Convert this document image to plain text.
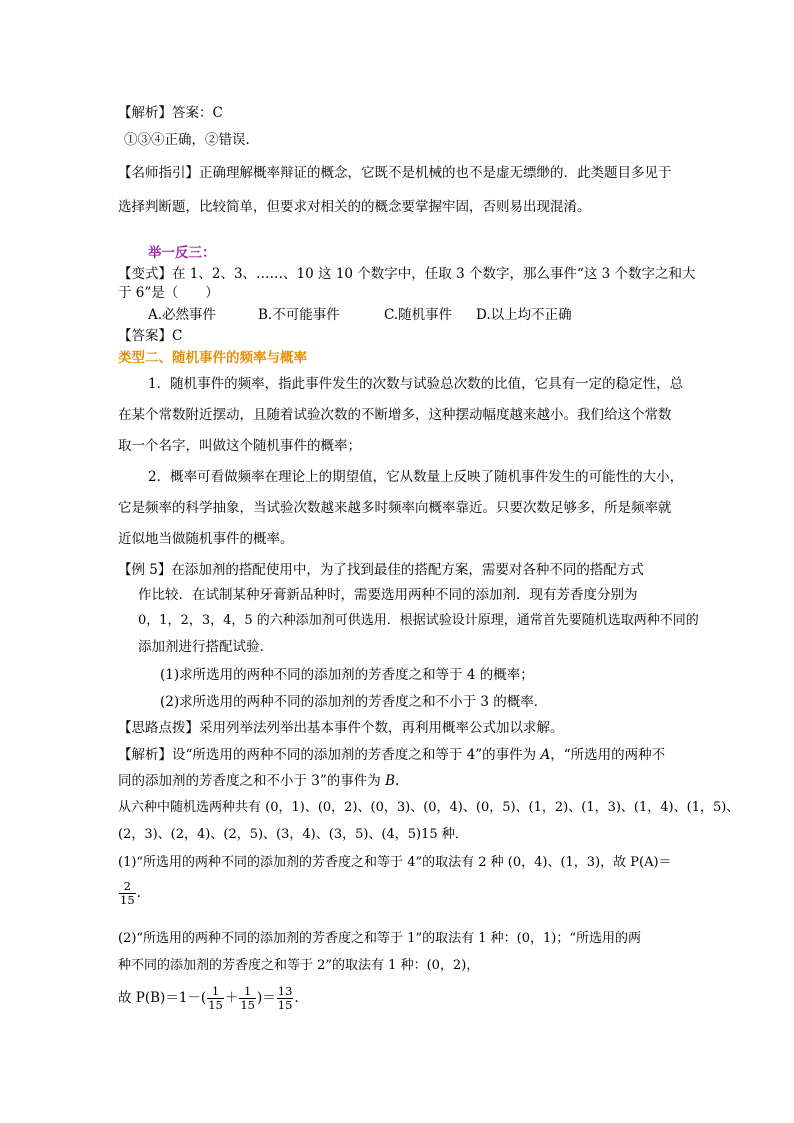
【解析】答案：C
①③④正确，②错误.
【名师指引】正确理解概率辩证的概念，它既不是机械的也不是虚无缥缈的．此类题目多见于
选择判断题，比较简单，但要求对相关的的概念要掌握牢固，否则易出现混淆。
举一反三：
【变式】在 1、2、3、……、10 这 10 个数字中，任取 3 个数字，那么事件“这 3 个数字之和大
于 6”是（　　）
A.必然事件	B.不可能事件	C.随机事件 D.以上均不正确
【答案】C
类型二、随机事件的频率与概率
1．随机事件的频率，指此事件发生的次数与试验总次数的比值，它具有一定的稳定性，总
在某个常数附近摆动，且随着试验次数的不断增多，这种摆动幅度越来越小。我们给这个常数
取一个名字，叫做这个随机事件的概率；
2．概率可看做频率在理论上的期望值，它从数量上反映了随机事件发生的可能性的大小，
它是频率的科学抽象，当试验次数越来越多时频率向概率靠近。只要次数足够多，所是频率就
近似地当做随机事件的概率。
【例 5】在添加剂的搭配使用中，为了找到最佳的搭配方案，需要对各种不同的搭配方式
作比较．在试制某种牙膏新品种时，需要选用两种不同的添加剂．现有芳香度分别为
0，1，2，3，4，5 的六种添加剂可供选用．根据试验设计原理，通常首先要随机选取两种不同的
添加剂进行搭配试验．
(1)求所选用的两种不同的添加剂的芳香度之和等于 4 的概率；
(2)求所选用的两种不同的添加剂的芳香度之和不小于 3 的概率．
【思路点拨】采用列举法列举出基本事件个数，再利用概率公式加以求解。
【解析】设“所选用的两种不同的添加剂的芳香度之和等于 4”的事件为 A，“所选用的两种不
同的添加剂的芳香度之和不小于 3”的事件为 B.
从六种中随机选两种共有 (0，1)、(0，2)、(0，3)、(0，4)、(0，5)、(1，2)、(1，3)、(1，4)、(1，5)、
(2，3)、(2，4)、(2，5)、(3，4)、(3，5)、(4，5)15 种．
(1)“所选用的两种不同的添加剂的芳香度之和等于 4”的取法有 2 种 (0，4)、(1，3)，故 P(A)＝
$\frac{2}{15}$ .
(2)“所选用的两种不同的添加剂的芳香度之和等于 1”的取法有 1 种：(0，1)；“所选用的两
种不同的添加剂的芳香度之和等于 2”的取法有 1 种：(0，2)，
故 $P(B)=1-( \frac{1}{15} + \frac{1}{15}$ )＝ $\frac{13}{15}$ .
